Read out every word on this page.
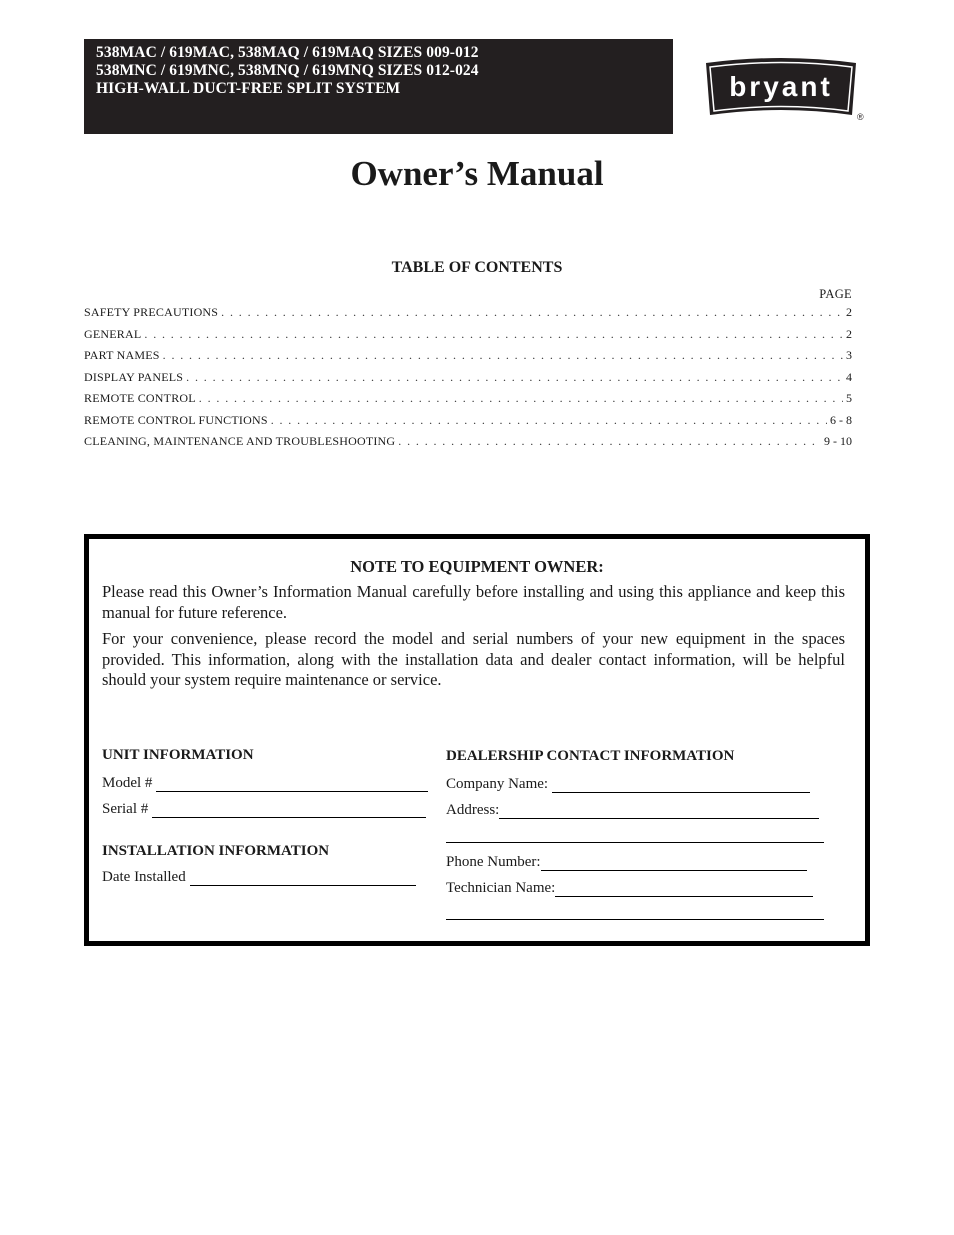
538MAC / 619MAC, 538MAQ / 619MAQ SIZES 009-012
538MNC / 619MNC, 538MNQ / 619MNQ SIZES 012-024
HIGH-WALL DUCT-FREE SPLIT SYSTEM	bryant
®
Owner’s Manual
TABLE OF CONTENTS
PAGE
SAFETY PRECAUTIONS . . .	2
GENERAL . . .	2
PART NAMES . . .	3
DISPLAY PANELS . . .	4
REMOTE CONTROL . . .	5
REMOTE CONTROL FUNCTIONS . . .	6 - 8
CLEANING, MAINTENANCE AND TROUBLESHOOTING . . .	9 - 10
NOTE TO EQUIPMENT OWNER:
Please read this Owner’s Information Manual carefully before installing and using this appliance and keep this manual for future reference.
For your convenience, please record the model and serial numbers of your new equipment in the spaces provided. This information, along with the installation data and dealer contact information, will be helpful should your system require maintenance or service.
UNIT INFORMATION
Model #
Serial #
INSTALLATION INFORMATION
Date Installed
DEALERSHIP CONTACT INFORMATION
Company Name:
Address:
Phone Number:
Technician Name:
